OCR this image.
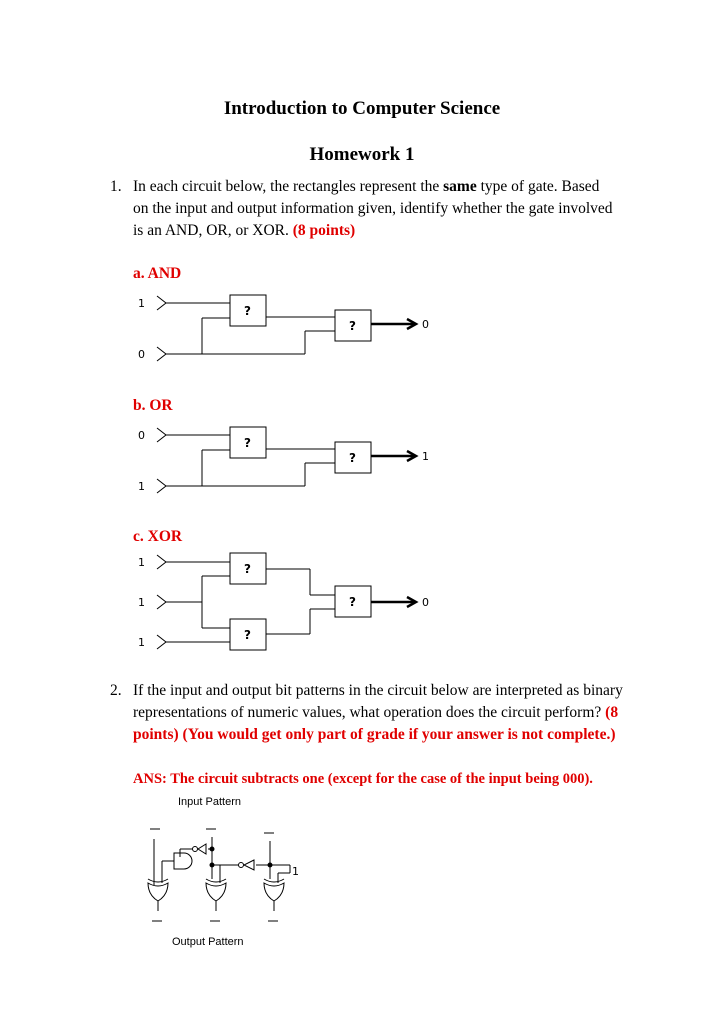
Introduction to Computer Science
Homework 1
1. In each circuit below, the rectangles represent the same type of gate. Based on the input and output information given, identify whether the gate involved is an AND, OR, or XOR. (8 points)
a. AND
1
0
?
?	0
b. OR
0
1
?
?	1
c. XOR
1
1
1
?
?
?	0
2. If the input and output bit patterns in the circuit below are interpreted as binary representations of numeric values, what operation does the circuit perform? (8 points) (You would get only part of grade if your answer is not complete.)
ANS: The circuit subtracts one (except for the case of the input being 000).
Input Pattern
1
Output Pattern
